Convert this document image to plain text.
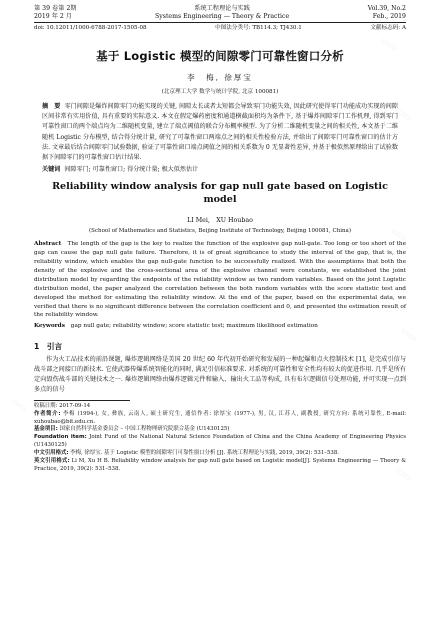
第 39 卷第 2期
2019 年 2 月
系统工程理论与实践
Systems Engineering — Theory & Practice
Vol.39, No.2
Feb., 2019
doi: 10.12011/1000-6788-2017-1505-08	中图法分类号: TB114.3; TJ430.1	文献标志码: A
基于 Logistic 模型的间隙零门可靠性窗口分析
李　梅, 徐厚宝
(北京理工大学 数学与统计学院, 北京 100081)

摘　要 零门间隙是爆炸间隙零门功能实现的关键, 间隙太长或者太短都会导致零门功能失效, 因此研究使得零门功能成功实现的间隙区间非常有实用价值, 具有重要的实际意义. 本文在假定爆药密度和通道横截面积均为条件下, 基于爆炸间隙零门工作机理, 得到零门可靠性窗口的两个端点均为二维随机变量, 建立了端点阈值的联合分布概率模型. 为了分析二维随机变量之间的相关性, 本文基于二维随机 Logistic 分布模型, 结合得分统计量, 研究了可靠性窗口两端点之间的相关性检验方法, 并给出了间隙零门可靠性窗口的估计方法. 文章最后结合间隙零门试验数据, 验证了可靠性窗口端点阈值之间的相关系数为 0 无显著性差异, 并基于极似然原理给出了试验数据下间隙零门的可靠性窗口估计结果.

关键词 间隙零门; 可靠性窗口; 得分统计量; 极大似然估计

Reliability window analysis for gap null gate based on Logistic model
LI Mei,　XU Houbao
(School of Mathematics and Statistics, Beijing Institute of Technology, Beijing 100081, China)

Abstract The length of the gap is the key to realize the function of the explosive gap null-gate. Too long or too short of the gap can cause the gap null gate failure. Therefore, it is of great significance to study the interval of the gap, that is, the reliability window, which enables the gap null-gate function to be successfully realized. With the assumptions that both the density of the explosive and the cross-sectional area of the explosive channel were constants, we established the joint distribution model by regarding the endpoints of the reliability window as two random variables. Based on the joint Logistic distribution model, the paper analyzed the correlation between the both random variables with the score statistic test and developed the method for estimating the reliability window. At the end of the paper, based on the experimental data, we verified that there is no significant difference between the correlation coefficient and 0, and presented the estimation result of the reliability window.

Keywords gap null gate; reliability window; score statistic test; maximum likelihood estimation

1　引言

作为火工品技术的前沿课题, 爆炸逻辑网络是美国 20 世纪 60 年代初开始研究和发展的一种起爆和点火控制技术 [1], 是完成引信与战斗部之间接口的新技术. 它使武器传爆系统智能化的同时, 满足引信标准要求. 对系统的可靠性和安全性均有较大的促进作用. 几乎是所有定向毁伤战斗部的关键技术之一. 爆炸逻辑网络由爆炸逻辑元件和输入、输出火工品等构成, 具有布尔逻辑信号处理功能, 并可实现一点到多点的信号

收稿日期: 2017-09-14

作者简介: 李梅 (1994-), 女, 彝族, 云南人, 硕士研究生, 通信作者: 徐厚宝 (1977-), 男, 汉, 江苏人, 副教授, 研究方向: 系统可靠性, E-mail: xuhoubao@bit.edu.cn.

基金项目: 国家自然科学基金委员会 – 中国工程物理研究院联合基金 (U1430125)

Foundation item: Joint Fund of the National Natural Science Foundation of China and the China Academy of Engineering Physics (U1430125)

中文引用格式: 李梅, 徐厚宝. 基于 Logistic 模型的间隙零门可靠性窗口分析 [J]. 系统工程理论与实践, 2019, 39(2): 531–538.

英文引用格式: Li M, Xu H B. Reliability window analysis for gap null gate based on Logistic model[J]. Systems Engineering — Theory & Practice, 2019, 39(2): 531–538.

▭▭
▭▭
▭▭
▭▭
▭▭
▭▭
